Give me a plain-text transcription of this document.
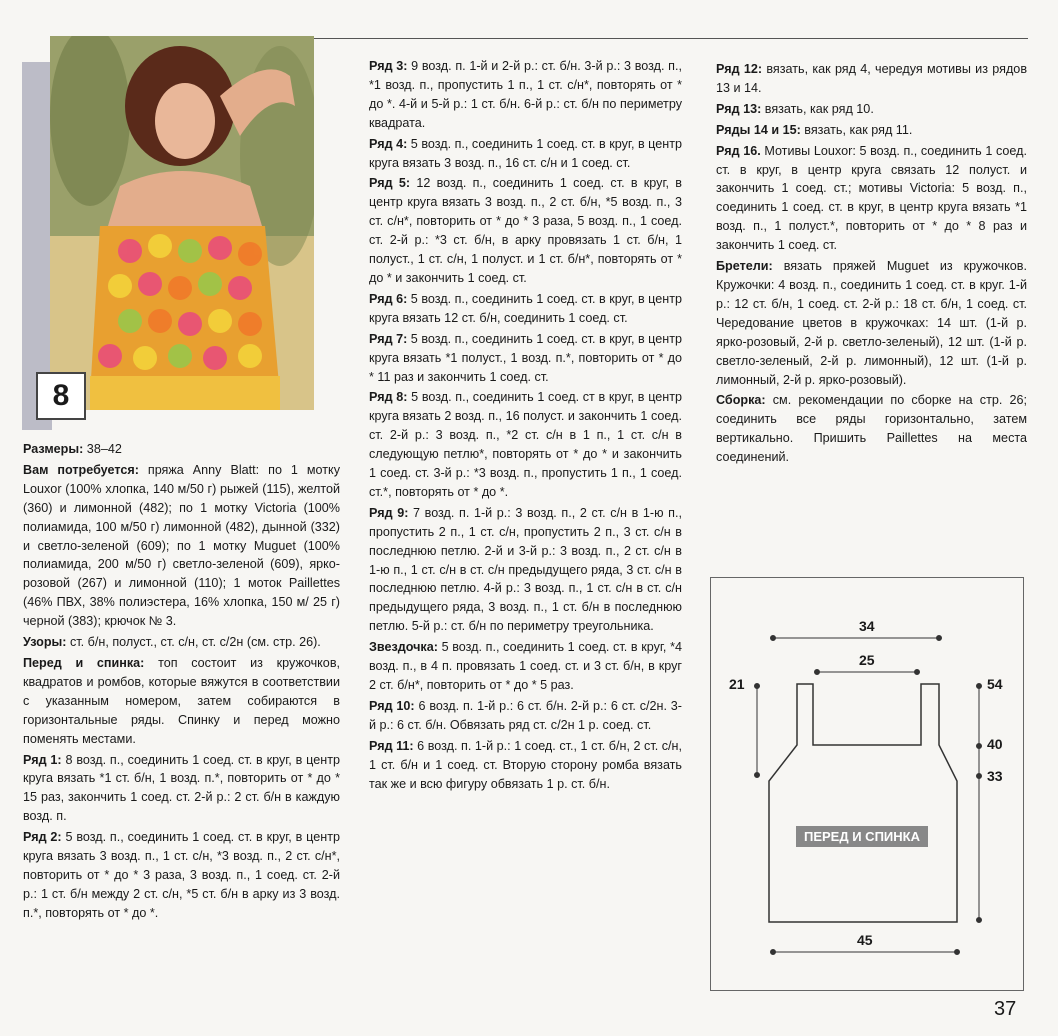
8

Размеры: 38–42

Вам потребуется: пряжа Anny Blatt: по 1 мотку Louxor (100% хлопка, 140 м/50 г) рыжей (115), желтой (360) и лимонной (482); по 1 мотку Victoria (100% полиамида, 100 м/50 г) лимонной (482), дынной (332) и светло-зеленой (609); по 1 мотку Muguet (100% полиамида, 200 м/50 г) светло-зеленой (609), ярко-розовой (267) и лимонной (110); 1 моток Paillettes (46% ПВХ, 38% полиэстера, 16% хлопка, 150 м/ 25 г) черной (383); крючок № 3.

Узоры: ст. б/н, полуст., ст. с/н, ст. с/2н (см. стр. 26).

Перед и спинка: топ состоит из кружочков, квадратов и ромбов, которые вяжутся в соответствии с указанным номером, затем собираются в горизонтальные ряды. Спинку и перед можно поменять местами.

Ряд 1: 8 возд. п., соединить 1 соед. ст. в круг, в центр круга вязать *1 ст. б/н, 1 возд. п.*, повторить от * до * 15 раз, закончить 1 соед. ст. 2-й р.: 2 ст. б/н в каждую возд. п.

Ряд 2: 5 возд. п., соединить 1 соед. ст. в круг, в центр круга вязать 3 возд. п., 1 ст. с/н, *3 возд. п., 2 ст. с/н*, повторить от * до * 3 раза, 3 возд. п., 1 соед. ст. 2-й р.: 1 ст. б/н между 2 ст. с/н, *5 ст. б/н в арку из 3 возд. п.*, повторять от * до *.

Ряд 3: 9 возд. п. 1-й и 2-й р.: ст. б/н. 3-й р.: 3 возд. п., *1 возд. п., пропустить 1 п., 1 ст. с/н*, повторять от * до *. 4-й и 5-й р.: 1 ст. б/н. 6-й р.: ст. б/н по периметру квадрата.

Ряд 4: 5 возд. п., соединить 1 соед. ст. в круг, в центр круга вязать 3 возд. п., 16 ст. с/н и 1 соед. ст.

Ряд 5: 12 возд. п., соединить 1 соед. ст. в круг, в центр круга вязать 3 возд. п., 2 ст. б/н, *5 возд. п., 3 ст. с/н*, повторить от * до * 3 раза, 5 возд. п., 1 соед. ст. 2-й р.: *3 ст. б/н, в арку провязать 1 ст. б/н, 1 полуст., 1 ст. с/н, 1 полуст. и 1 ст. б/н*, повторять от * до * и закончить 1 соед. ст.

Ряд 6: 5 возд. п., соединить 1 соед. ст. в круг, в центр круга вязать 12 ст. б/н, соединить 1 соед. ст.

Ряд 7: 5 возд. п., соединить 1 соед. ст. в круг, в центр круга вязать *1 полуст., 1 возд. п.*, повторить от * до * 11 раз и закончить 1 соед. ст.

Ряд 8: 5 возд. п., соединить 1 соед. ст в круг, в центр круга вязать 2 возд. п., 16 полуст. и закончить 1 соед. ст. 2-й р.: 3 возд. п., *2 ст. с/н в 1 п., 1 ст. с/н в следующую петлю*, повторять от * до * и закончить 1 соед. ст. 3-й р.: *3 возд. п., пропустить 1 п., 1 соед. ст.*, повторять от * до *.

Ряд 9: 7 возд. п. 1-й р.: 3 возд. п., 2 ст. с/н в 1-ю п., пропустить 2 п., 1 ст. с/н, пропустить 2 п., 3 ст. с/н в последнюю петлю. 2-й и 3-й р.: 3 возд. п., 2 ст. с/н в 1-ю п., 1 ст. с/н в ст. с/н предыдущего ряда, 3 ст. с/н в последнюю петлю. 4-й р.: 3 возд. п., 1 ст. с/н в ст. с/н предыдущего ряда, 3 возд. п., 1 ст. б/н в последнюю петлю. 5-й р.: ст. б/н по периметру треугольника.

Звездочка: 5 возд. п., соединить 1 соед. ст. в круг, *4 возд. п., в 4 п. провязать 1 соед. ст. и 3 ст. б/н, в круг 2 ст. б/н*, повторить от * до * 5 раз.

Ряд 10: 6 возд. п. 1-й р.: 6 ст. б/н. 2-й р.: 6 ст. с/2н. 3-й р.: 6 ст. б/н. Обвязать ряд ст. с/2н 1 р. соед. ст.

Ряд 11: 6 возд. п. 1-й р.: 1 соед. ст., 1 ст. б/н, 2 ст. с/н, 1 ст. б/н и 1 соед. ст. Вторую сторону ромба вязать так же и всю фигуру обвязать 1 р. ст. б/н.

Ряд 12: вязать, как ряд 4, чередуя мотивы из рядов 13 и 14.

Ряд 13: вязать, как ряд 10.

Ряды 14 и 15: вязать, как ряд 11.

Ряд 16. Мотивы Louxor: 5 возд. п., соединить 1 соед. ст. в круг, в центр круга связать 12 полуст. и закончить 1 соед. ст.; мотивы Victoria: 5 возд. п., соединить 1 соед. ст. в круг, в центр круга вязать *1 возд. п., 1 полуст.*, повторить от * до * 8 раз и закончить 1 соед. ст.

Бретели: вязать пряжей Muguet из кружочков. Кружочки: 4 возд. п., соединить 1 соед. ст. в круг. 1-й р.: 12 ст. б/н, 1 соед. ст. 2-й р.: 18 ст. б/н, 1 соед. ст. Чередование цветов в кружочках: 14 шт. (1-й р. ярко-розовый, 2-й р. светло-зеленый), 12 шт. (1-й р. светло-зеленый, 2-й р. лимонный), 12 шт. (1-й р. лимонный, 2-й р. ярко-розовый).

Сборка: см. рекомендации по сборке на стр. 26; соединить все ряды горизонтально, затем вертикально. Пришить Paillettes на места соединений.

34
25
21	54
40
33
45
ПЕРЕД И СПИНКА
37
